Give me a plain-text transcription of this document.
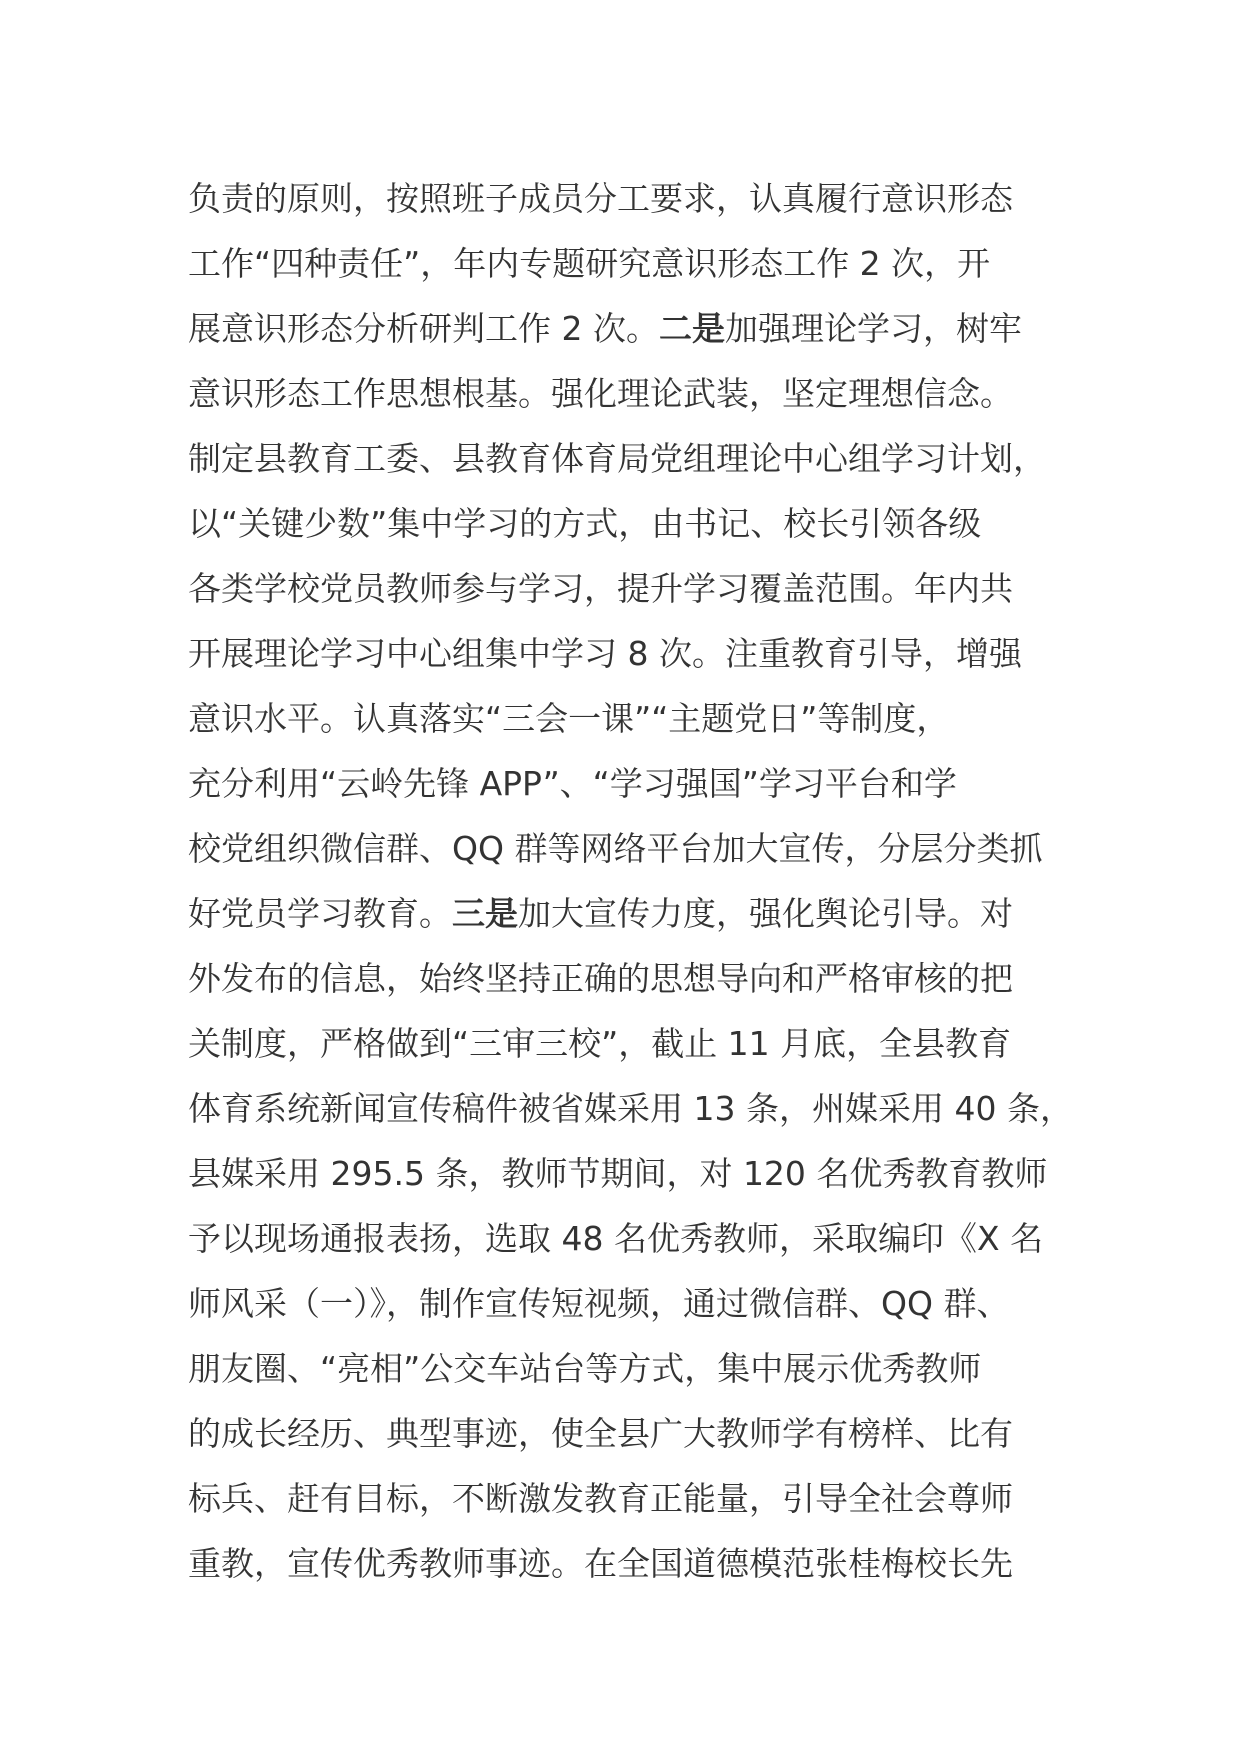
负责的原则，按照班子成员分工要求，认真履行意识形态
工作“四种责任”，年内专题研究意识形态工作 2 次，开
展意识形态分析研判工作 2 次。二是加强理论学习，树牢
意识形态工作思想根基。强化理论武装，坚定理想信念。
制定县教育工委、县教育体育局党组理论中心组学习计划，
以“关键少数”集中学习的方式，由书记、校长引领各级
各类学校党员教师参与学习，提升学习覆盖范围。年内共
开展理论学习中心组集中学习 8 次。注重教育引导，增强
意识水平。认真落实“三会一课”“主题党日”等制度，
充分利用“云岭先锋 APP”、“学习强国”学习平台和学
校党组织微信群、QQ 群等网络平台加大宣传，分层分类抓
好党员学习教育。三是加大宣传力度，强化舆论引导。对
外发布的信息，始终坚持正确的思想导向和严格审核的把
关制度，严格做到“三审三校”，截止 11 月底，全县教育
体育系统新闻宣传稿件被省媒采用 13 条，州媒采用 40 条，
县媒采用 295.5 条，教师节期间，对 120 名优秀教育教师
予以现场通报表扬，选取 48 名优秀教师，采取编印《X 名
师风采（一）》，制作宣传短视频，通过微信群、QQ 群、
朋友圈、“亮相”公交车站台等方式，集中展示优秀教师
的成长经历、典型事迹，使全县广大教师学有榜样、比有
标兵、赶有目标，不断激发教育正能量，引导全社会尊师
重教，宣传优秀教师事迹。在全国道德模范张桂梅校长先
